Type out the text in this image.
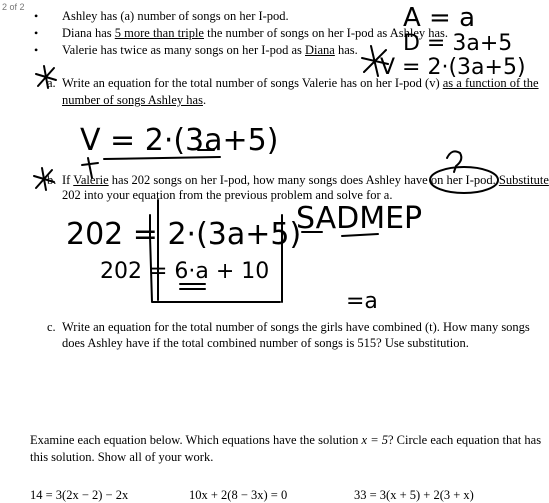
2 of 2
• Ashley has (a) number of songs on her I-pod.
• Diana has 5 more than triple the number of songs on her I-pod as Ashley has.
• Valerie has twice as many songs on her I-pod as Diana has.
a. Write an equation for the total number of songs Valerie has on her I-pod (v) as a function of the
number of songs Ashley has.
b. If Valerie has 202 songs on her I-pod, how many songs does Ashley have on her I-pod. Substitute
202 into your equation from the previous problem and solve for a.
c. Write an equation for the total number of songs the girls have combined (t). How many songs
does Ashley have if the total combined number of songs is 515? Use substitution.
Examine each equation below. Which equations have the solution x = 5? Circle each equation that has
this solution. Show all of your work.
14 = 3(2x − 2) − 2x	10x + 2(8 − 3x) = 0	33 = 3(x + 5) + 2(3 + x)
A = a
D = 3a+5
V = 2·(3a+5)
V = 2·(3a+5)
202 = 2·(3a+5)
202 = 6·a + 10
SADMEP
=a
